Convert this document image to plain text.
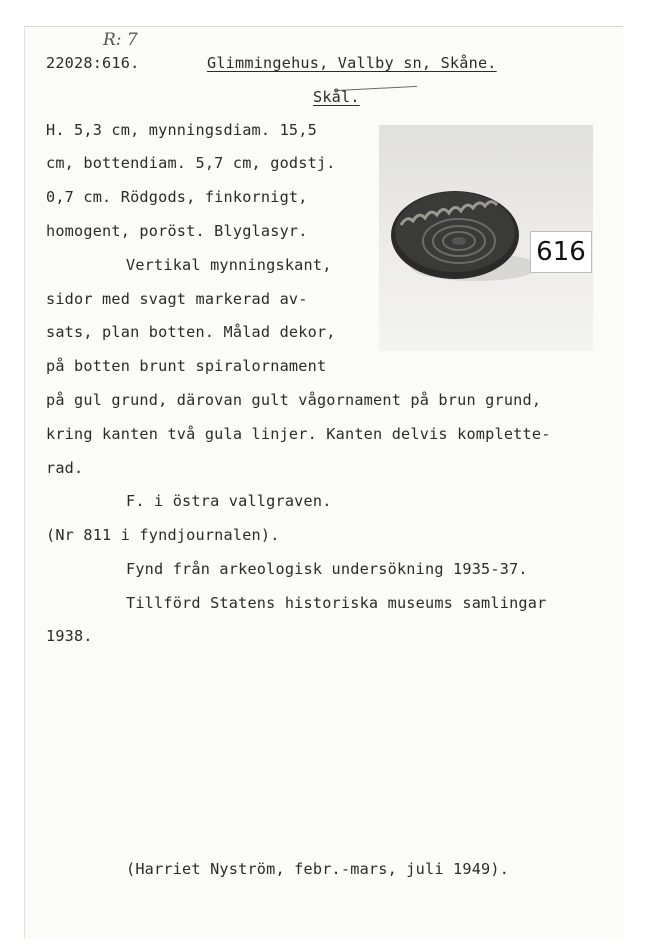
R: 7
22028:616.	Glimmingehus, Vallby sn, Skåne.
Skål.
H. 5,3 cm, mynningsdiam. 15,5
cm, bottendiam. 5,7 cm, godstj.
0,7 cm. Rödgods, finkornigt,
homogent, poröst. Blyglasyr.
Vertikal mynningskant,
sidor med svagt markerad av-
sats, plan botten. Målad dekor,
på botten brunt spiralornament
på gul grund, därovan gult vågornament på brun grund,
kring kanten två gula linjer. Kanten delvis komplette-
rad.
F. i östra vallgraven.
(Nr 811 i fyndjournalen).
Fynd från arkeologisk undersökning 1935-37.
Tillförd Statens historiska museums samlingar
1938.
616
(Harriet Nyström, febr.-mars, juli 1949).
